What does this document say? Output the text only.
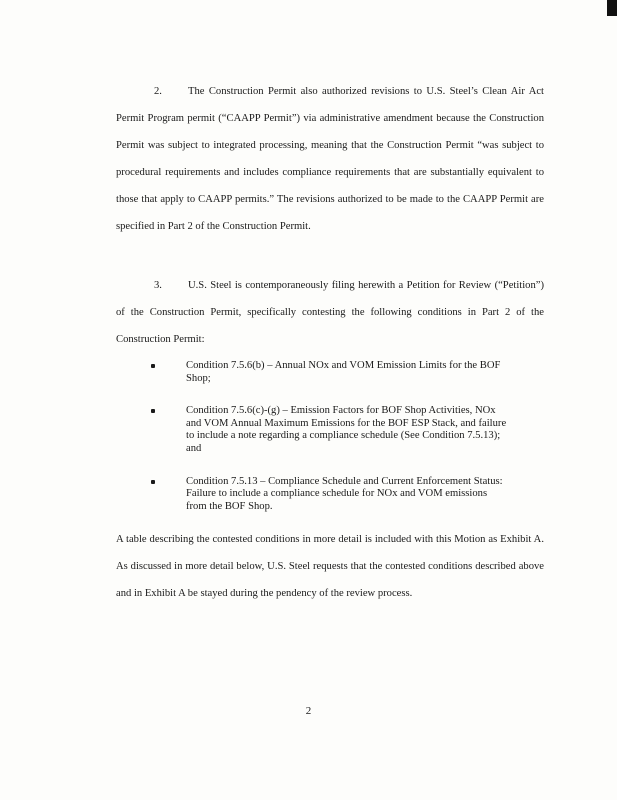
2. The Construction Permit also authorized revisions to U.S. Steel’s Clean Air Act Permit Program permit (“CAAPP Permit”) via administrative amendment because the Construction Permit was subject to integrated processing, meaning that the Construction Permit “was subject to procedural requirements and includes compliance requirements that are substantially equivalent to those that apply to CAAPP permits.” The revisions authorized to be made to the CAAPP Permit are specified in Part 2 of the Construction Permit.

3. U.S. Steel is contemporaneously filing herewith a Petition for Review (“Petition”) of the Construction Permit, specifically contesting the following conditions in Part 2 of the Construction Permit:

Condition 7.5.6(b) – Annual NOx and VOM Emission Limits for the BOF Shop;
Condition 7.5.6(c)-(g) – Emission Factors for BOF Shop Activities, NOx and VOM Annual Maximum Emissions for the BOF ESP Stack, and failure to include a note regarding a compliance schedule (See Condition 7.5.13); and
Condition 7.5.13 – Compliance Schedule and Current Enforcement Status: Failure to include a compliance schedule for NOx and VOM emissions from the BOF Shop.

A table describing the contested conditions in more detail is included with this Motion as Exhibit A. As discussed in more detail below, U.S. Steel requests that the contested conditions described above and in Exhibit A be stayed during the pendency of the review process.

2
